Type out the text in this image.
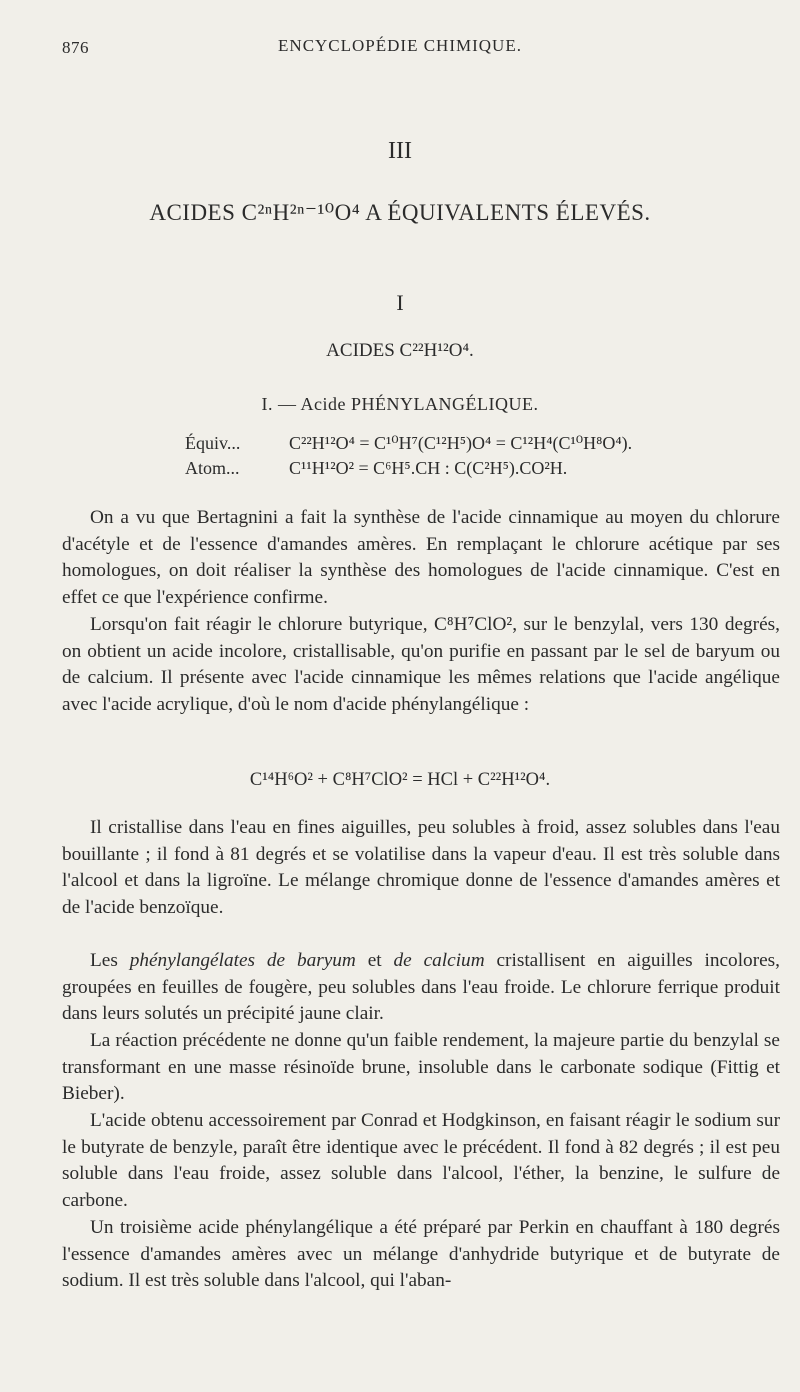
876	ENCYCLOPÉDIE CHIMIQUE.
III
ACIDES C²ⁿH²ⁿ⁻¹⁰O⁴ A ÉQUIVALENTS ÉLEVÉS.
I
ACIDES C²²H¹²O⁴.
I. — Acide PHÉNYLANGÉLIQUE.
Équiv...	C²²H¹²O⁴ = C¹⁰H⁷(C¹²H⁵)O⁴ = C¹²H⁴(C¹⁰H⁸O⁴).
Atom...	C¹¹H¹²O² = C⁶H⁵.CH : C(C²H⁵).CO²H.

On a vu que Bertagnini a fait la synthèse de l'acide cinnamique au moyen du chlorure d'acétyle et de l'essence d'amandes amères. En remplaçant le chlorure acétique par ses homologues, on doit réaliser la synthèse des homologues de l'acide cinnamique. C'est en effet ce que l'expérience confirme.

Lorsqu'on fait réagir le chlorure butyrique, C⁸H⁷ClO², sur le benzylal, vers 130 degrés, on obtient un acide incolore, cristallisable, qu'on purifie en passant par le sel de baryum ou de calcium. Il présente avec l'acide cinnamique les mêmes relations que l'acide angélique avec l'acide acrylique, d'où le nom d'acide phénylangélique :

C¹⁴H⁶O² + C⁸H⁷ClO² = HCl + C²²H¹²O⁴.

Il cristallise dans l'eau en fines aiguilles, peu solubles à froid, assez solubles dans l'eau bouillante ; il fond à 81 degrés et se volatilise dans la vapeur d'eau. Il est très soluble dans l'alcool et dans la ligroïne. Le mélange chromique donne de l'essence d'amandes amères et de l'acide benzoïque.

Les phénylangélates de baryum et de calcium cristallisent en aiguilles incolores, groupées en feuilles de fougère, peu solubles dans l'eau froide. Le chlorure ferrique produit dans leurs solutés un précipité jaune clair.

La réaction précédente ne donne qu'un faible rendement, la majeure partie du benzylal se transformant en une masse résinoïde brune, insoluble dans le carbonate sodique (Fittig et Bieber).

L'acide obtenu accessoirement par Conrad et Hodgkinson, en faisant réagir le sodium sur le butyrate de benzyle, paraît être identique avec le précédent. Il fond à 82 degrés ; il est peu soluble dans l'eau froide, assez soluble dans l'alcool, l'éther, la benzine, le sulfure de carbone.

Un troisième acide phénylangélique a été préparé par Perkin en chauffant à 180 degrés l'essence d'amandes amères avec un mélange d'anhydride butyrique et de butyrate de sodium. Il est très soluble dans l'alcool, qui l'aban-
